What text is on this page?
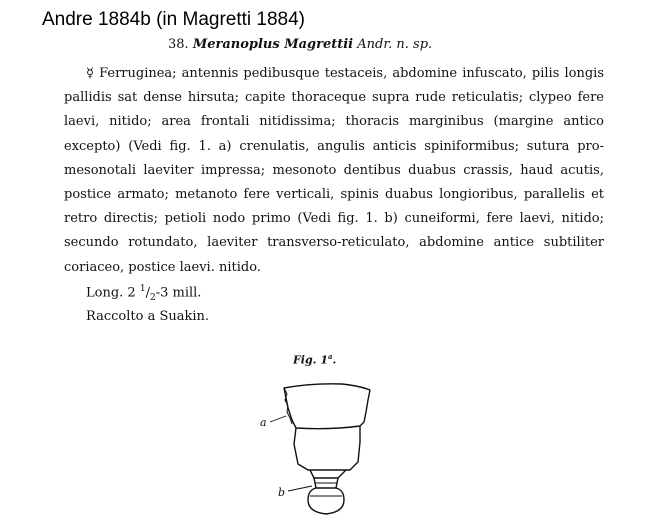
Andre 1884b (in Magretti 1884)
38. Meranoplus Magrettii Andr. n. sp.
☿ Ferruginea; antennis pedibusque testaceis, abdomine infuscato, pilis longis
pallidis sat dense hirsuta; capite thoraceque supra rude reticulatis; clypeo fere
laevi, nitido; area frontali nitidissima; thoracis marginibus (margine antico
excepto) (Vedi fig. 1. a) crenulatis, angulis anticis spiniformibus; sutura pro-
mesonotali laeviter impressa; mesonoto dentibus duabus crassis, haud acutis,
postice armato; metanoto fere verticali, spinis duabus longioribus, parallelis et
retro directis; petioli nodo primo (Vedi fig. 1. b) cuneiformi, fere laevi, nitido;
secundo rotundato, laeviter transverso-reticulato, abdomine antice subtiliter
coriaceo, postice laevi. nitido.
Long. 2 $^1/_2-3$ mill.
Raccolto a Suakin.
Fig. 1$^a$.
a
b
